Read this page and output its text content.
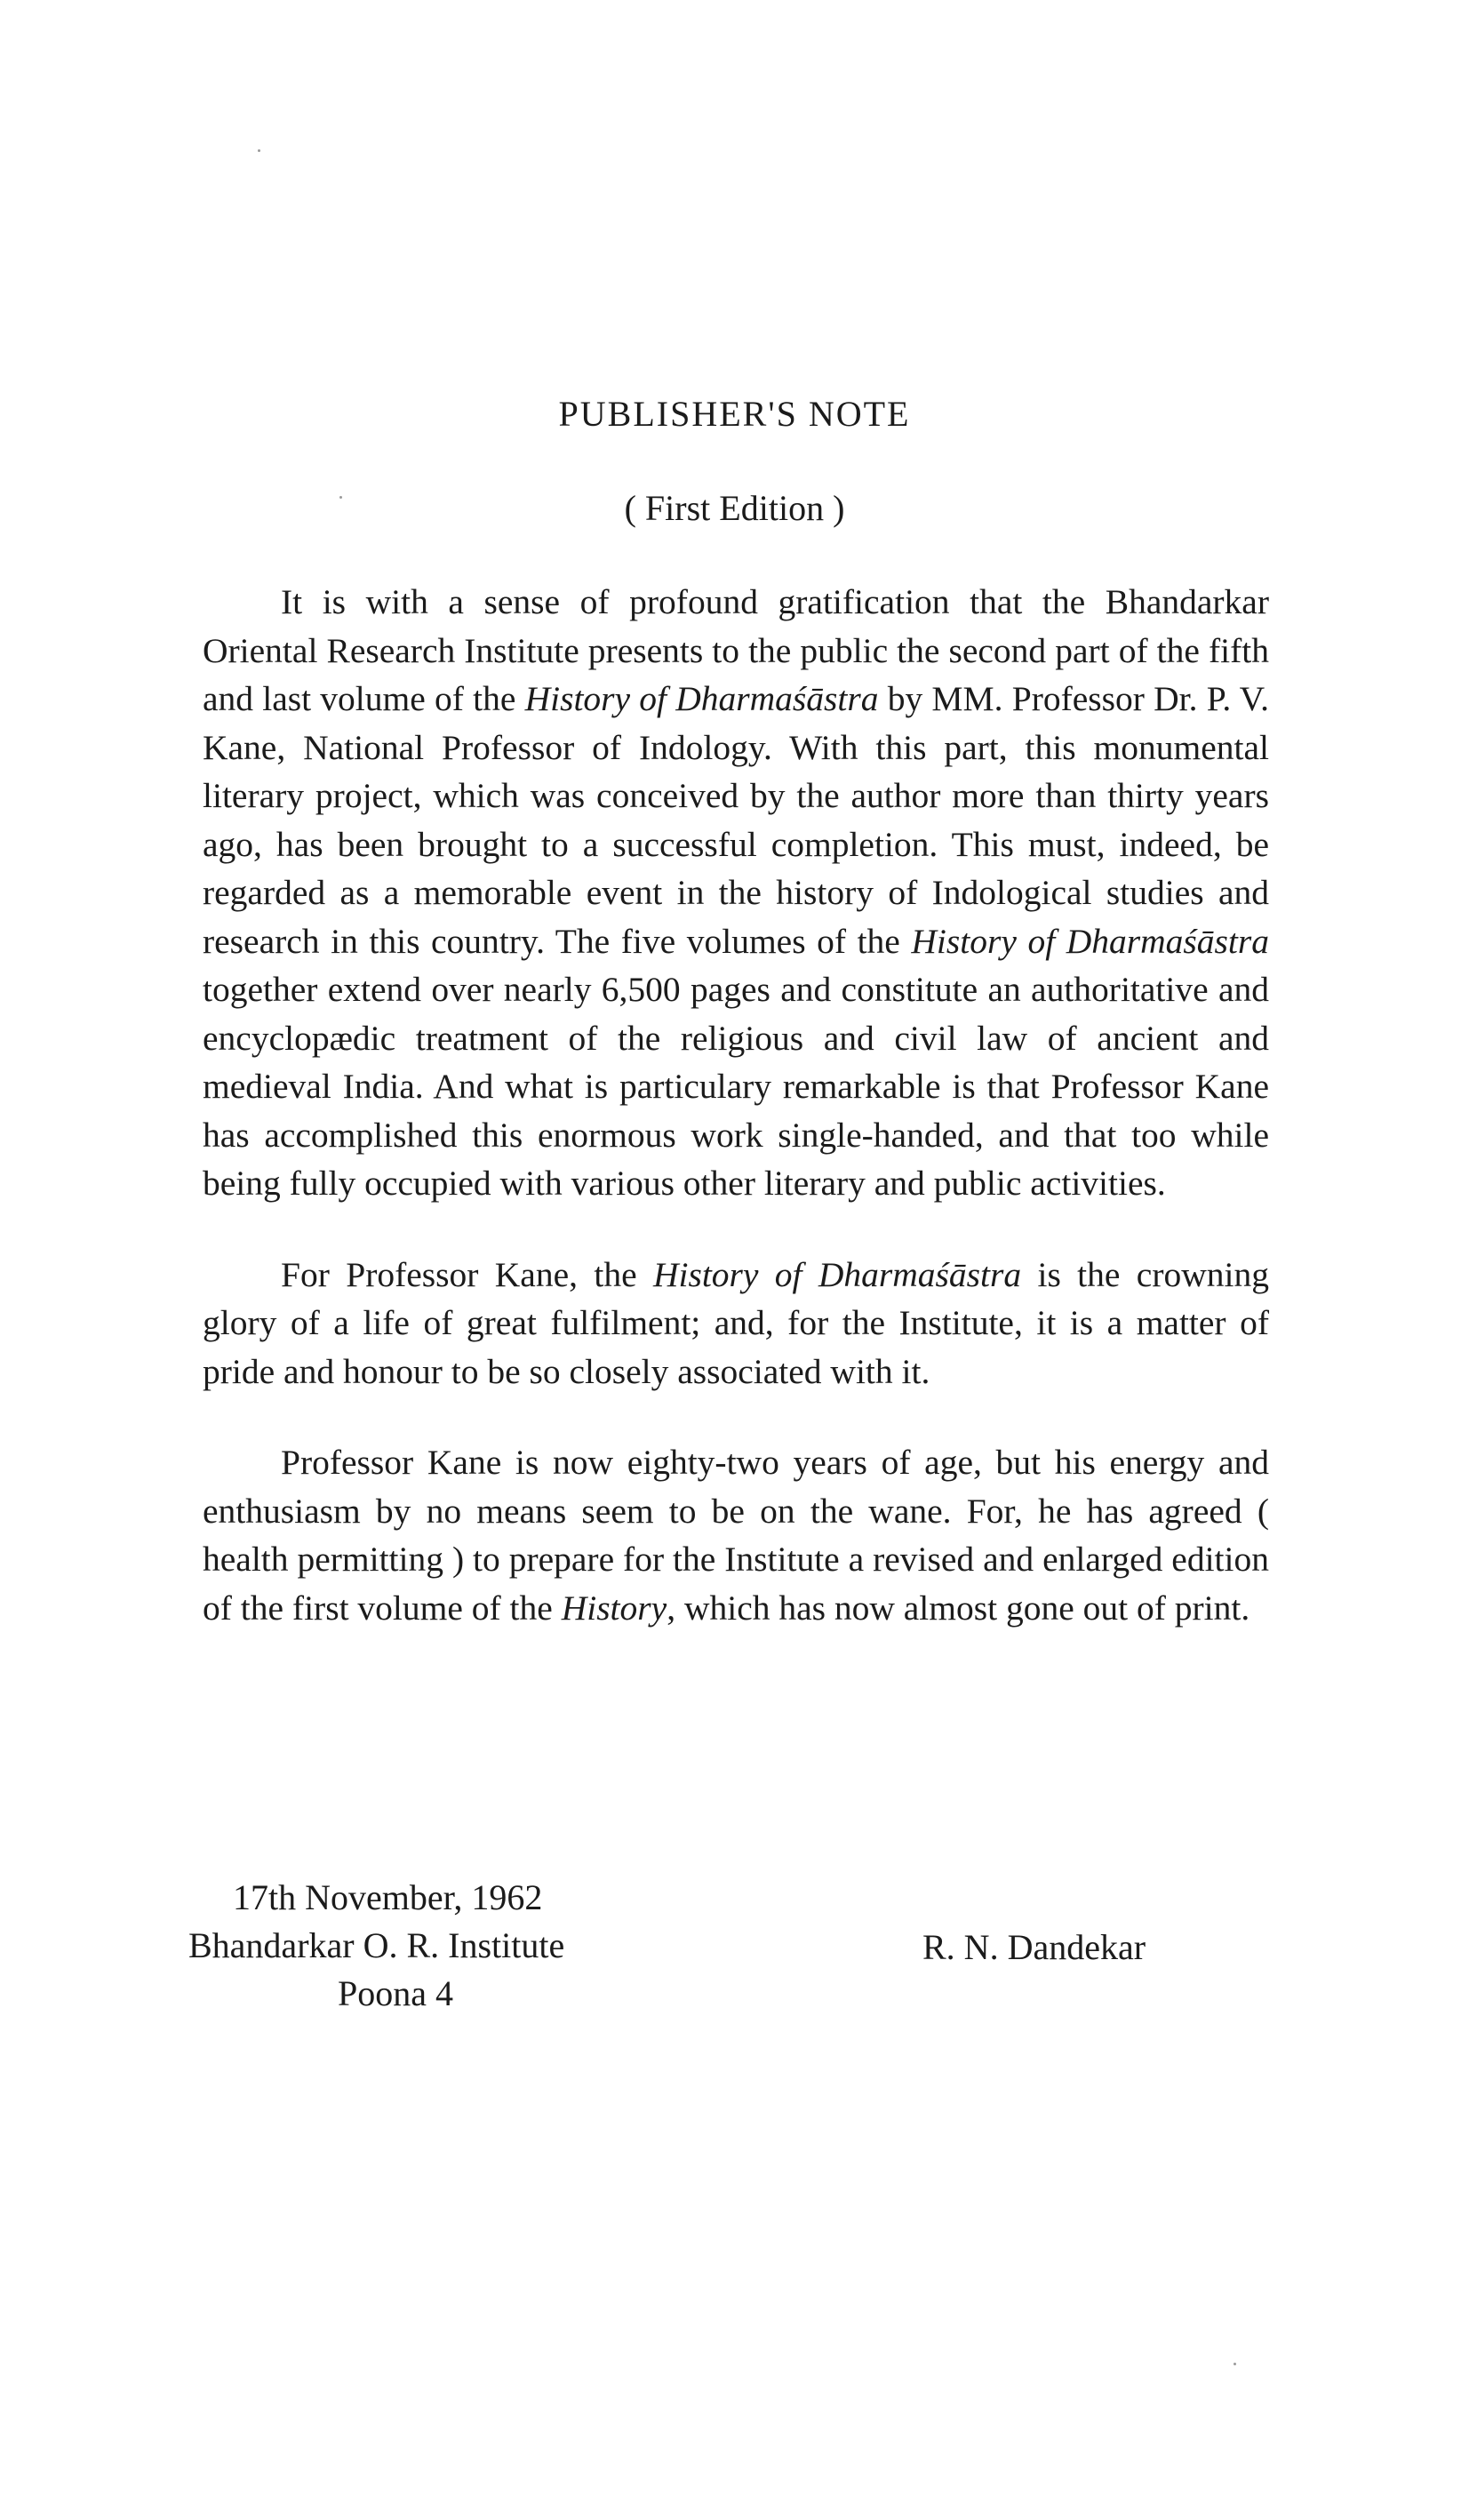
PUBLISHER'S NOTE
( First Edition )

It is with a sense of profound gratification that the Bhandarkar Oriental Research Institute presents to the public the second part of the fifth and last volume of the History of Dharmaśāstra by MM. Professor Dr. P. V. Kane, National Professor of Indology. With this part, this monumental literary project, which was conceived by the author more than thirty years ago, has been brought to a successful completion. This must, indeed, be regarded as a memorable event in the history of Indological studies and research in this country. The five volumes of the History of Dharmaśāstra together extend over nearly 6,500 pages and constitute an authoritative and encyclopædic treatment of the religious and civil law of ancient and medieval India. And what is particulary remarkable is that Professor Kane has accomplished this enormous work single-handed, and that too while being fully occupied with various other literary and public activities.

For Professor Kane, the History of Dharmaśāstra is the crowning glory of a life of great fulfilment; and, for the Institute, it is a matter of pride and honour to be so closely associated with it.

Professor Kane is now eighty-two years of age, but his energy and enthusiasm by no means seem to be on the wane. For, he has agreed ( health permitting ) to prepare for the Institute a revised and enlarged edition of the first volume of the History, which has now almost gone out of print.

17th November, 1962
Bhandarkar O. R. Institute
Poona 4
R. N. Dandekar
